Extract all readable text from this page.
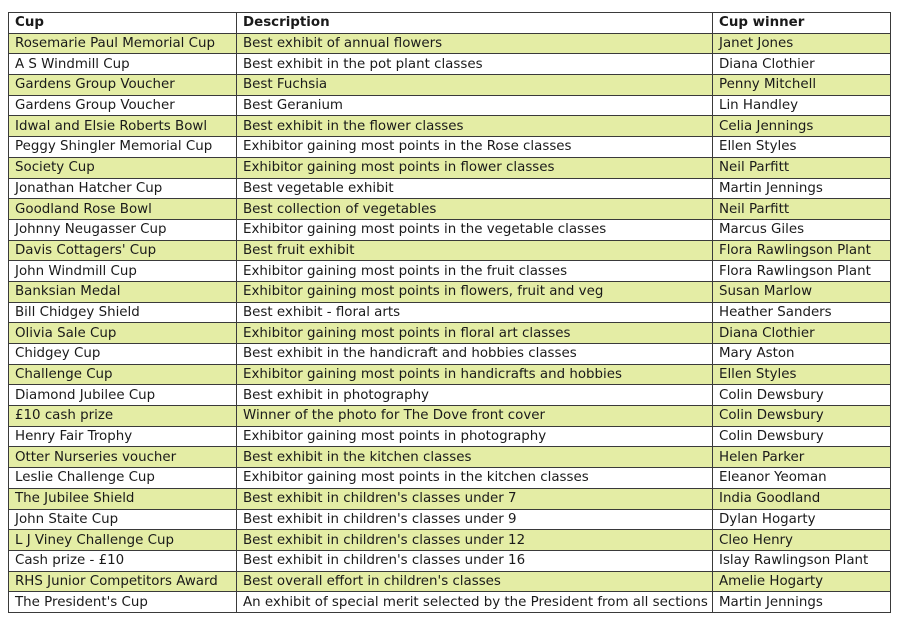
Cup	Description	Cup winner
Rosemarie Paul Memorial Cup	Best exhibit of annual flowers	Janet Jones
A S Windmill Cup	Best exhibit in the pot plant classes	Diana Clothier
Gardens Group Voucher	Best Fuchsia	Penny Mitchell
Gardens Group Voucher	Best Geranium	Lin Handley
Idwal and Elsie Roberts Bowl	Best exhibit in the flower classes	Celia Jennings
Peggy Shingler Memorial Cup	Exhibitor gaining most points in the Rose classes	Ellen Styles
Society Cup	Exhibitor gaining most points in flower classes	Neil Parfitt
Jonathan Hatcher Cup	Best vegetable exhibit	Martin Jennings
Goodland Rose Bowl	Best collection of vegetables	Neil Parfitt
Johnny Neugasser Cup	Exhibitor gaining most points in the vegetable classes	Marcus Giles
Davis Cottagers' Cup	Best fruit exhibit	Flora Rawlingson Plant
John Windmill Cup	Exhibitor gaining most points in the fruit classes	Flora Rawlingson Plant
Banksian Medal	Exhibitor gaining most points in flowers, fruit and veg	Susan Marlow
Bill Chidgey Shield	Best exhibit - floral arts	Heather Sanders
Olivia Sale Cup	Exhibitor gaining most points in floral art classes	Diana Clothier
Chidgey Cup	Best exhibit in the handicraft and hobbies classes	Mary Aston
Challenge Cup	Exhibitor gaining most points in handicrafts and hobbies	Ellen Styles
Diamond Jubilee Cup	Best exhibit in photography	Colin Dewsbury
£10 cash prize	Winner of the photo for The Dove front cover	Colin Dewsbury
Henry Fair Trophy	Exhibitor gaining most points in photography	Colin Dewsbury
Otter Nurseries voucher	Best exhibit in the kitchen classes	Helen Parker
Leslie Challenge Cup	Exhibitor gaining most points in the kitchen classes	Eleanor Yeoman
The Jubilee Shield	Best exhibit in children's classes under 7	India Goodland
John Staite Cup	Best exhibit in children's classes under 9	Dylan Hogarty
L J Viney Challenge Cup	Best exhibit in children's classes under 12	Cleo Henry
Cash prize - £10	Best exhibit in children's classes under 16	Islay Rawlingson Plant
RHS Junior Competitors Award	Best overall effort in children's classes	Amelie Hogarty
The President's Cup	An exhibit of special merit selected by the President from all sections	Martin Jennings
